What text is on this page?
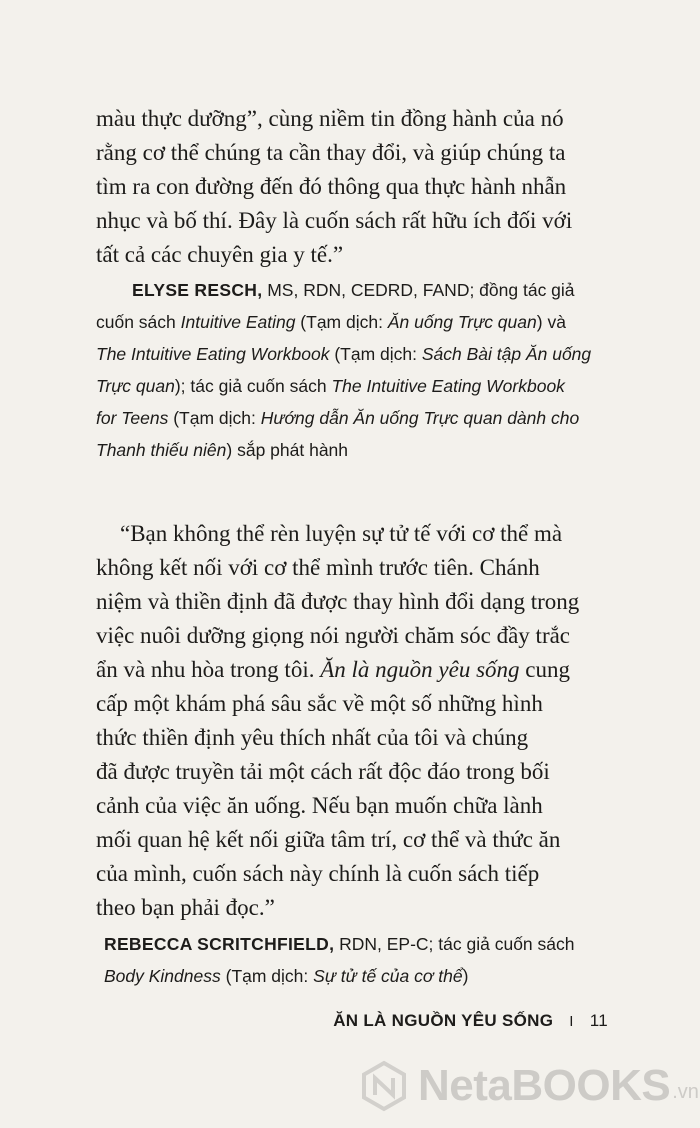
màu thực dưỡng”, cùng niềm tin đồng hành của nó
rằng cơ thể chúng ta cần thay đổi, và giúp chúng ta
tìm ra con đường đến đó thông qua thực hành nhẫn
nhục và bố thí. Đây là cuốn sách rất hữu ích đối với
tất cả các chuyên gia y tế.”

ELYSE RESCH, MS, RDN, CEDRD, FAND; đồng tác giả
cuốn sách Intuitive Eating (Tạm dịch: Ăn uống Trực quan) và
The Intuitive Eating Workbook (Tạm dịch: Sách Bài tập Ăn uống
Trực quan); tác giả cuốn sách The Intuitive Eating Workbook
for Teens (Tạm dịch: Hướng dẫn Ăn uống Trực quan dành cho
Thanh thiếu niên) sắp phát hành

“Bạn không thể rèn luyện sự tử tế với cơ thể mà
không kết nối với cơ thể mình trước tiên. Chánh
niệm và thiền định đã được thay hình đổi dạng trong
việc nuôi dưỡng giọng nói người chăm sóc đầy trắc
ẩn và nhu hòa trong tôi. Ăn là nguồn yêu sống cung
cấp một khám phá sâu sắc về một số những hình
thức thiền định yêu thích nhất của tôi và chúng
đã được truyền tải một cách rất độc đáo trong bối
cảnh của việc ăn uống. Nếu bạn muốn chữa lành
mối quan hệ kết nối giữa tâm trí, cơ thể và thức ăn
của mình, cuốn sách này chính là cuốn sách tiếp
theo bạn phải đọc.”

REBECCA SCRITCHFIELD, RDN, EP-C; tác giả cuốn sách
Body Kindness (Tạm dịch: Sự tử tế của cơ thể)
ĂN LÀ NGUỒN YÊU SỐNG I 11
NetaBOOKS .vn
